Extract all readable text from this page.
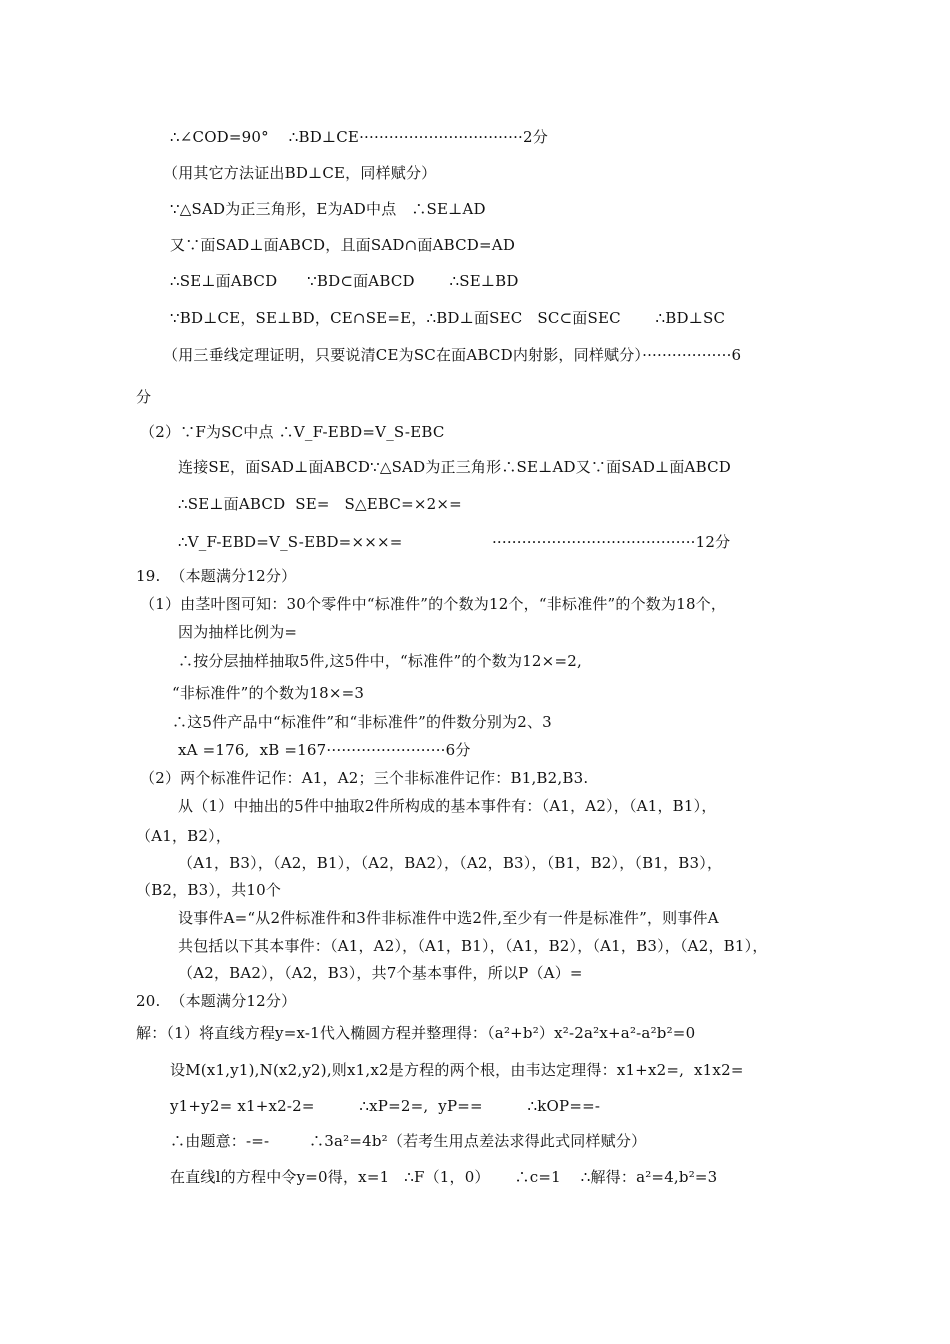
∴∠COD=90°    ∴BD⊥CE·································2分
（用其它方法证出BD⊥CE，同样赋分）
∵△SAD为正三角形，E为AD中点   ∴SE⊥AD
又∵面SAD⊥面ABCD，且面SAD∩面ABCD=AD
∴SE⊥面ABCD      ∵BD⊂面ABCD       ∴SE⊥BD
∵BD⊥CE，SE⊥BD，CE∩SE=E，∴BD⊥面SEC   SC⊂面SEC       ∴BD⊥SC
（用三垂线定理证明，只要说清CE为SC在面ABCD内射影，同样赋分）··················6
分
（2）∵F为SC中点 ∴V_F-EBD=V_S-EBC
连接SE，面SAD⊥面ABCD∵△SAD为正三角形∴SE⊥AD又∵面SAD⊥面ABCD
∴SE⊥面ABCD  SE=   S△EBC=×2×=
∴V_F-EBD=V_S-EBD=×××=                  ·········································12分
19.  （本题满分12分）
（1）由茎叶图可知：30个零件中“标准件”的个数为12个，“非标准件”的个数为18个，
因为抽样比例为=
∴按分层抽样抽取5件,这5件中，“标准件”的个数为12×=2,
“非标准件”的个数为18×=3
∴这5件产品中“标准件”和“非标准件”的件数分别为2、3
xA =176,  xB =167························6分
（2）两个标准件记作：A1，A2；三个非标准件记作：B1,B2,B3.
从（1）中抽出的5件中抽取2件所构成的基本事件有：（A1，A2），（A1，B1），
（A1，B2），
（A1，B3），（A2，B1），（A2，BA2），（A2，B3），（B1，B2），（B1，B3），
（B2，B3），共10个
设事件A=“从2件标准件和3件非标准件中选2件,至少有一件是标准件”，则事件A
共包括以下其本事件：（A1，A2），（A1，B1），（A1，B2），（A1，B3），（A2，B1），
（A2，BA2），（A2，B3），共7个基本事件，所以P（A）=
20.  （本题满分12分）
解：（1）将直线方程y=x-1代入椭圆方程并整理得：（a²+b²）x²-2a²x+a²-a²b²=0
设M(x1,y1),N(x2,y2),则x1,x2是方程的两个根，由韦达定理得：x1+x2=,  x1x2=
y1+y2= x1+x2-2=         ∴xP=2=,  yP==         ∴kOP==-
∴由题意：-=-        ∴3a²=4b²（若考生用点差法求得此式同样赋分）
在直线l的方程中令y=0得，x=1   ∴F（1，0）     ∴c=1    ∴解得：a²=4,b²=3
